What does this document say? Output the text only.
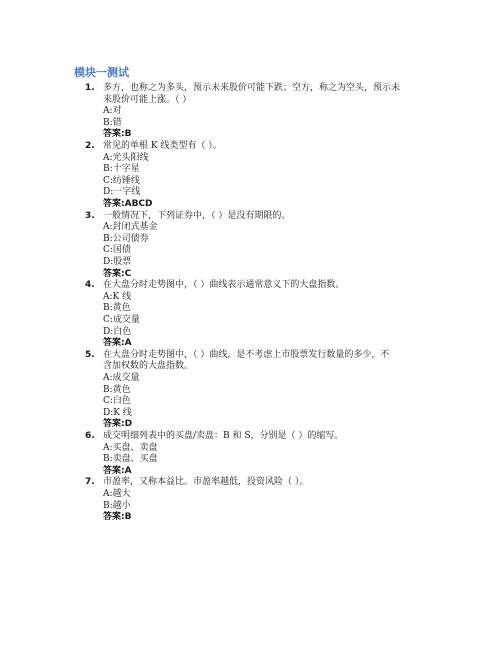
模块一测试
1. 多方，也称之为多头，预示未来股价可能下跌；空方，称之为空头，预示未
来股价可能上涨。（ ）
A:对
B:错
答案:B
2. 常见的单根 K 线类型有（ ）。
A:光头阳线
B:十字星
C:纺锤线
D:一字线
答案:ABCD
3. 一般情况下，下列证券中，（ ）是没有期限的。
A:封闭式基金
B:公司债券
C:国债
D:股票
答案:C
4. 在大盘分时走势图中，（ ）曲线表示通常意义下的大盘指数。
A:K 线
B:黄色
C:成交量
D:白色
答案:A
5. 在大盘分时走势图中，（ ）曲线，是不考虑上市股票发行数量的多少，不
含加权数的大盘指数。
A:成交量
B:黄色
C:白色
D:K 线
答案:D
6. 成交明细列表中的买盘/卖盘：B 和 S，分别是（ ）的缩写。
A:买盘、卖盘
B:卖盘、买盘
答案:A
7. 市盈率，又称本益比。市盈率越低，投资风险（ ）。
A:越大
B:越小
答案:B
